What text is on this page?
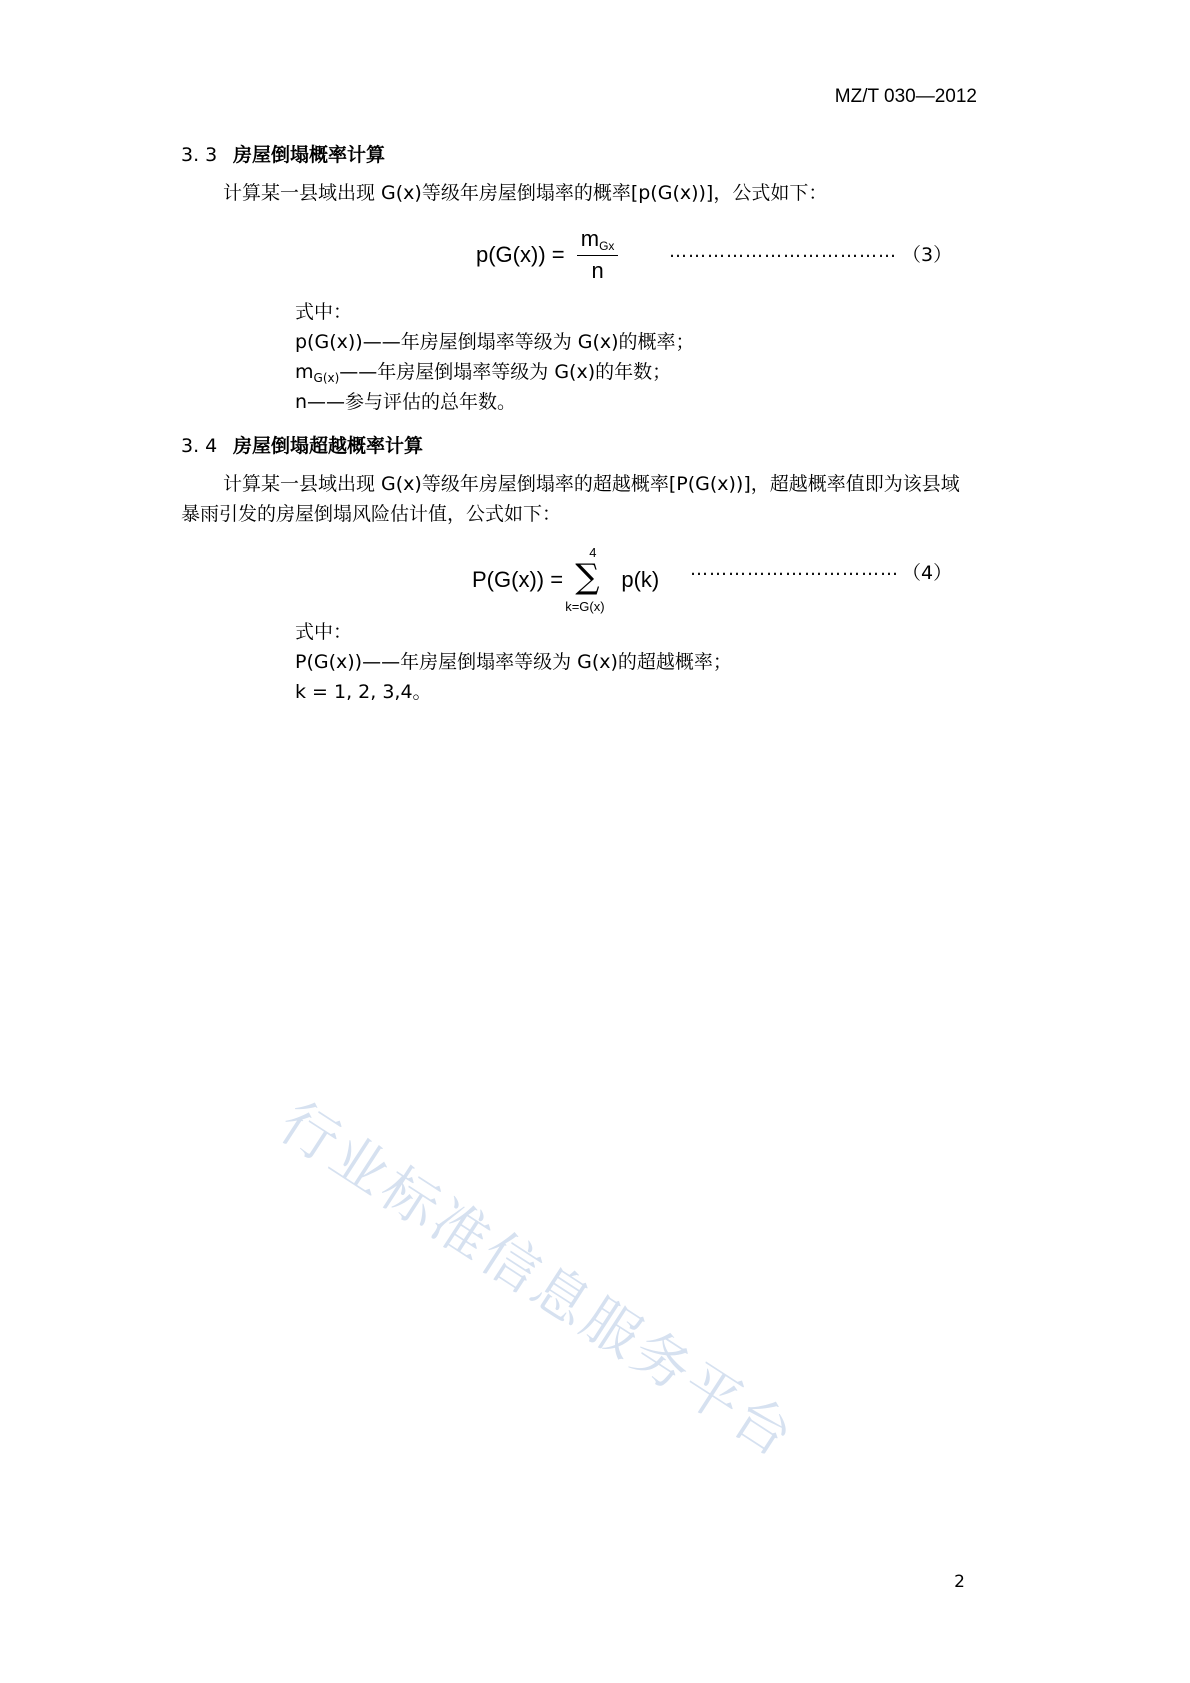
MZ/T 030—2012
3. 3 房屋倒塌概率计算
计算某一县域出现 G(x)等级年房屋倒塌率的概率[p(G(x))]，公式如下：
$p(G(x)) = \frac{m_{Gx}}{n}$	……………………………… （3）
式中：
p(G(x))——年房屋倒塌率等级为 G(x)的概率；
$m_{G(x)}——$年房屋倒塌率等级为 G(x)的年数；
n——参与评估的总年数。
3. 4 房屋倒塌超越概率计算
计算某一县域出现 G(x)等级年房屋倒塌率的超越概率[P(G(x))]，超越概率值即为该县域
暴雨引发的房屋倒塌风险估计值，公式如下：
P(G(x)) =
4
∑
k=G(x)
p(k) …………………………… （4）
式中：
P(G(x))——年房屋倒塌率等级为 G(x)的超越概率；
k = 1, 2, 3,4。
行业标准信息服务平台
2
